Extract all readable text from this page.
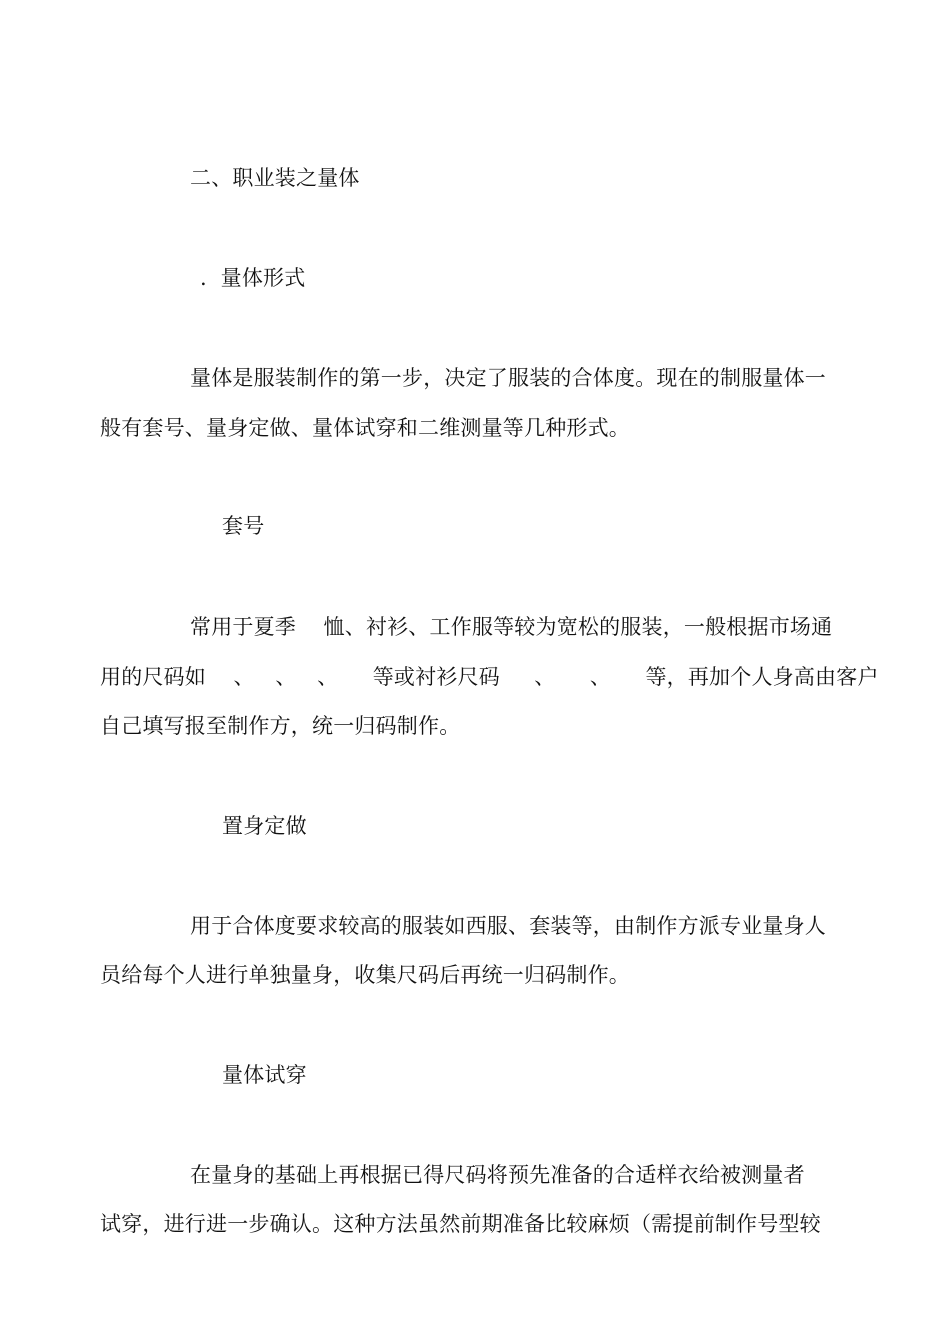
二、职业装之量体
.  量体形式
量体是服装制作的第一步，决定了服装的合体度。现在的制服量体一
般有套号、量身定做、量体试穿和二维测量等几种形式。
套号
常用于夏季    恤、衬衫、工作服等较为宽松的服装，一般根据市场通
用的尺码如    、   、   、     等或衬衫尺码     、     、     等，再加个人身高由客户
自己填写报至制作方，统一归码制作。
置身定做
用于合体度要求较高的服装如西服、套装等，由制作方派专业量身人
员给每个人进行单独量身，收集尺码后再统一归码制作。
量体试穿
在量身的基础上再根据已得尺码将预先准备的合适样衣给被测量者
试穿，进行进一步确认。这种方法虽然前期准备比较麻烦（需提前制作号型较
